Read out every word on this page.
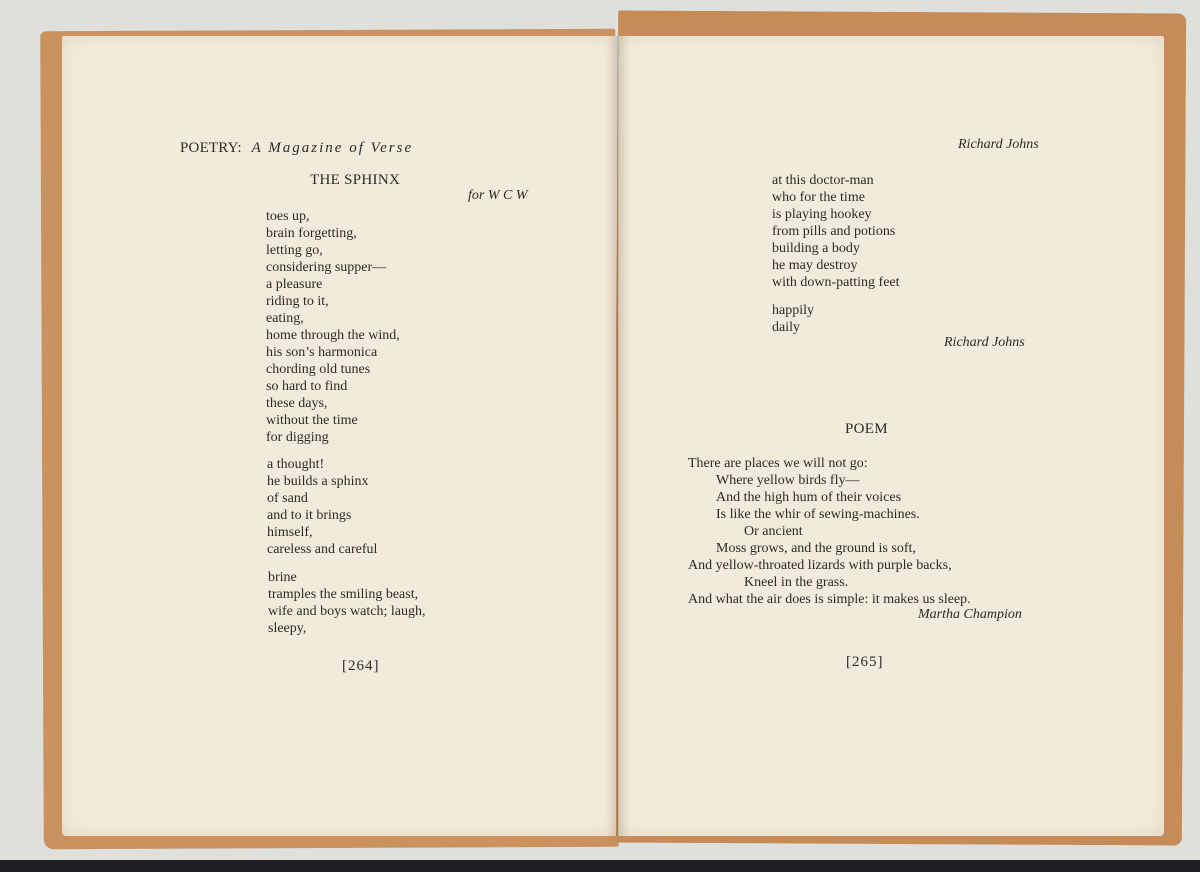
POETRY: A Magazine of Verse
THE SPHINX
for W C W
toes up,
brain forgetting,
letting go,
considering supper—
a pleasure
riding to it,
eating,
home through the wind,
his son’s harmonica
chording old tunes
so hard to find
these days,
without the time
for digging
a thought!
he builds a sphinx
of sand
and to it brings
himself,
careless and careful
brine
tramples the smiling beast,
wife and boys watch; laugh,
sleepy,
[264]
Richard Johns
at this doctor-man
who for the time
is playing hookey
from pills and potions
building a body
he may destroy
with down-patting feet
happily
daily
Richard Johns
POEM
There are places we will not go:
Where yellow birds fly—
And the high hum of their voices
Is like the whir of sewing-machines.
Or ancient
Moss grows, and the ground is soft,
And yellow-throated lizards with purple backs,
Kneel in the grass.
And what the air does is simple: it makes us sleep.
Martha Champion
[265]
